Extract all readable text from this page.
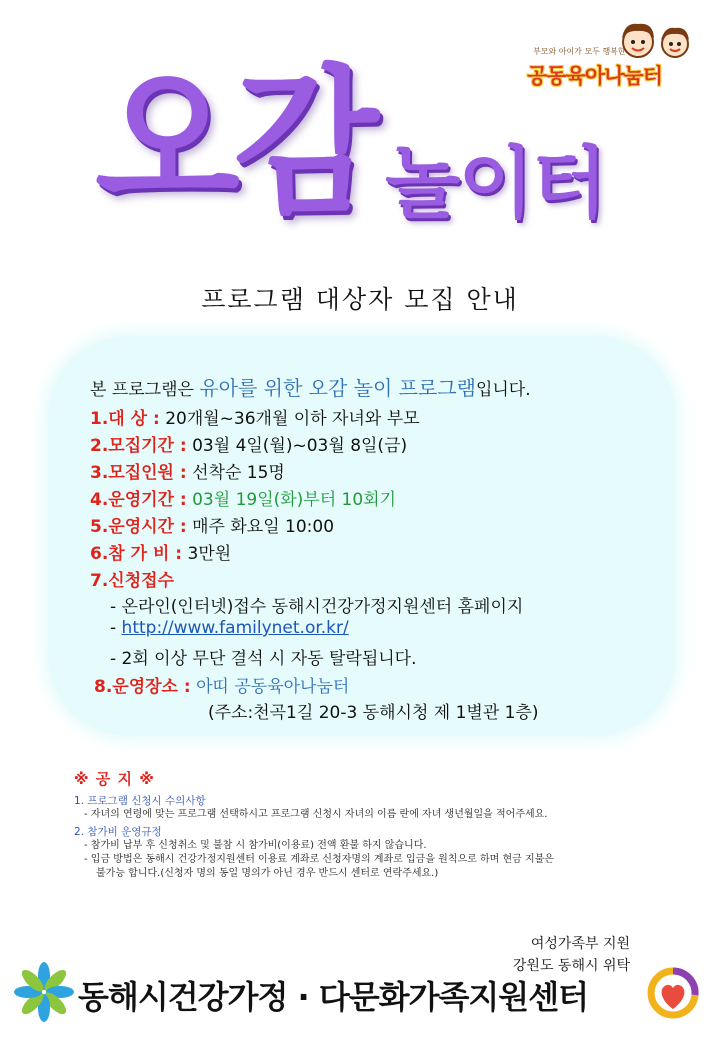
부모와 아이가 모두 행복한
공동육아나눔터
오감 놀이터
프로그램 대상자 모집 안내
본 프로그램은 유아를 위한 오감 놀이 프로그램입니다.
1.대 상 : 20개월~36개월 이하 자녀와 부모
2.모집기간 : 03월 4일(월)~03월 8일(금)
3.모집인원 : 선착순 15명
4.운영기간 : 03월 19일(화)부터 10회기
5.운영시간 : 매주 화요일 10:00
6.참 가 비 : 3만원
7.신청접수
- 온라인(인터넷)접수 동해시건강가정지원센터 홈페이지
- http://www.familynet.or.kr/
- 2회 이상 무단 결석 시 자동 탈락됩니다.
8.운영장소 : 아띠 공동육아나눔터
(주소:천곡1길 20-3 동해시청 제 1별관 1층)
※ 공 지 ※
1. 프로그램 신청시 수의사항
- 자녀의 연령에 맞는 프로그램 선택하시고 프로그램 신청시 자녀의 이름 란에 자녀 생년월일을 적어주세요.
2. 참가비 운영규정
- 참가비 납부 후 신청취소 및 불참 시 참가비(이용료) 전액 환불 하지 않습니다.
- 입금 방법은 동해시 건강가정지원센터 이용료 계좌로 신청자명의 계좌로 입금을 원칙으로 하며 현금 지불은
불가능 합니다.(신청자 명의 동일 명의가 아닌 경우 반드시 센터로 연락주세요.)
여성가족부 지원
강원도 동해시 위탁
동해시건강가정 · 다문화가족지원센터
